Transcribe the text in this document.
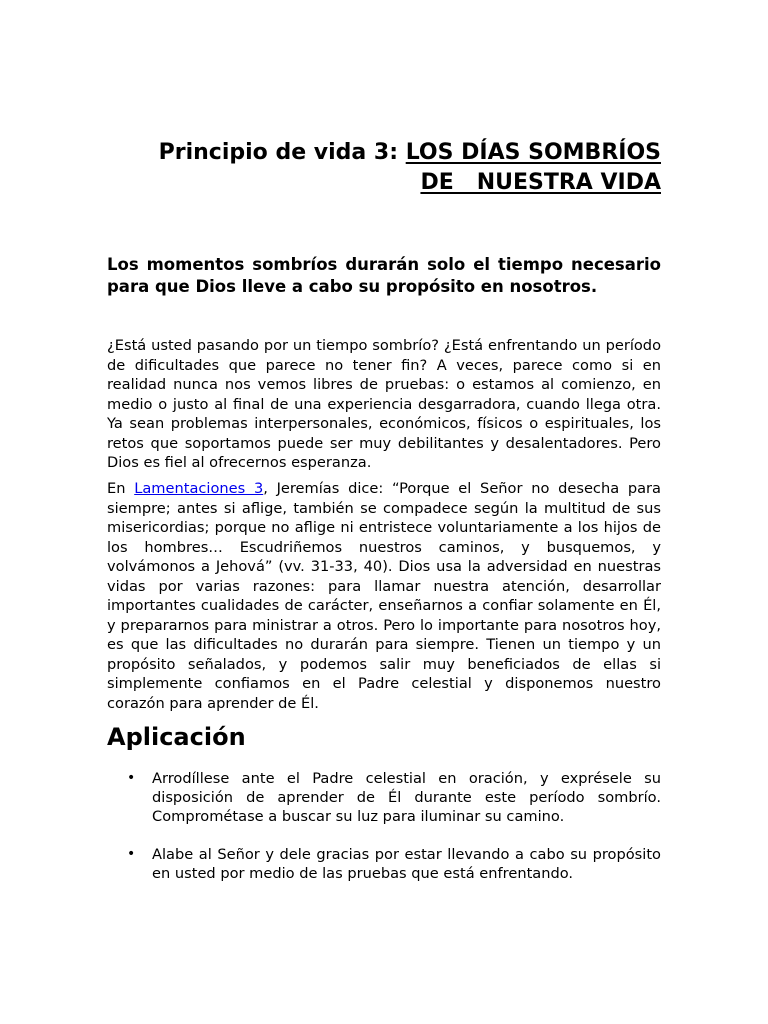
Principio de vida 3: LOS DÍAS SOMBRÍOS
DE   NUESTRA VIDA

Los momentos sombríos durarán solo el tiempo necesario para que Dios lleve a cabo su propósito en nosotros.

¿Está usted pasando por un tiempo sombrío? ¿Está enfrentando un período de dificultades que parece no tener fin? A veces, parece como si en realidad nunca nos vemos libres de pruebas: o estamos al comienzo, en medio o justo al final de una experiencia desgarradora, cuando llega otra. Ya sean problemas interpersonales, económicos, físicos o espirituales, los retos que soportamos puede ser muy debilitantes y desalentadores. Pero Dios es fiel al ofrecernos esperanza.

En Lamentaciones 3, Jeremías dice: “Porque el Señor no desecha para siempre; antes si aflige, también se compadece según la multitud de sus misericordias; porque no aflige ni entristece voluntariamente a los hijos de los hombres… Escudriñemos nuestros caminos, y busquemos, y volvámonos a Jehová” (vv. 31-33, 40). Dios usa la adversidad en nuestras vidas por varias razones: para llamar nuestra atención, desarrollar importantes cualidades de carácter, enseñarnos a confiar solamente en Él, y prepararnos para ministrar a otros. Pero lo importante para nosotros hoy, es que las dificultades no durarán para siempre. Tienen un tiempo y un propósito señalados, y podemos salir muy beneficiados de ellas si simplemente confiamos en el Padre celestial y disponemos nuestro corazón para aprender de Él.

Aplicación
• Arrodíllese ante el Padre celestial en oración, y exprésele su disposición de aprender de Él durante este período sombrío. Comprométase a buscar su luz para iluminar su camino.
• Alabe al Señor y dele gracias por estar llevando a cabo su propósito en usted por medio de las pruebas que está enfrentando.
